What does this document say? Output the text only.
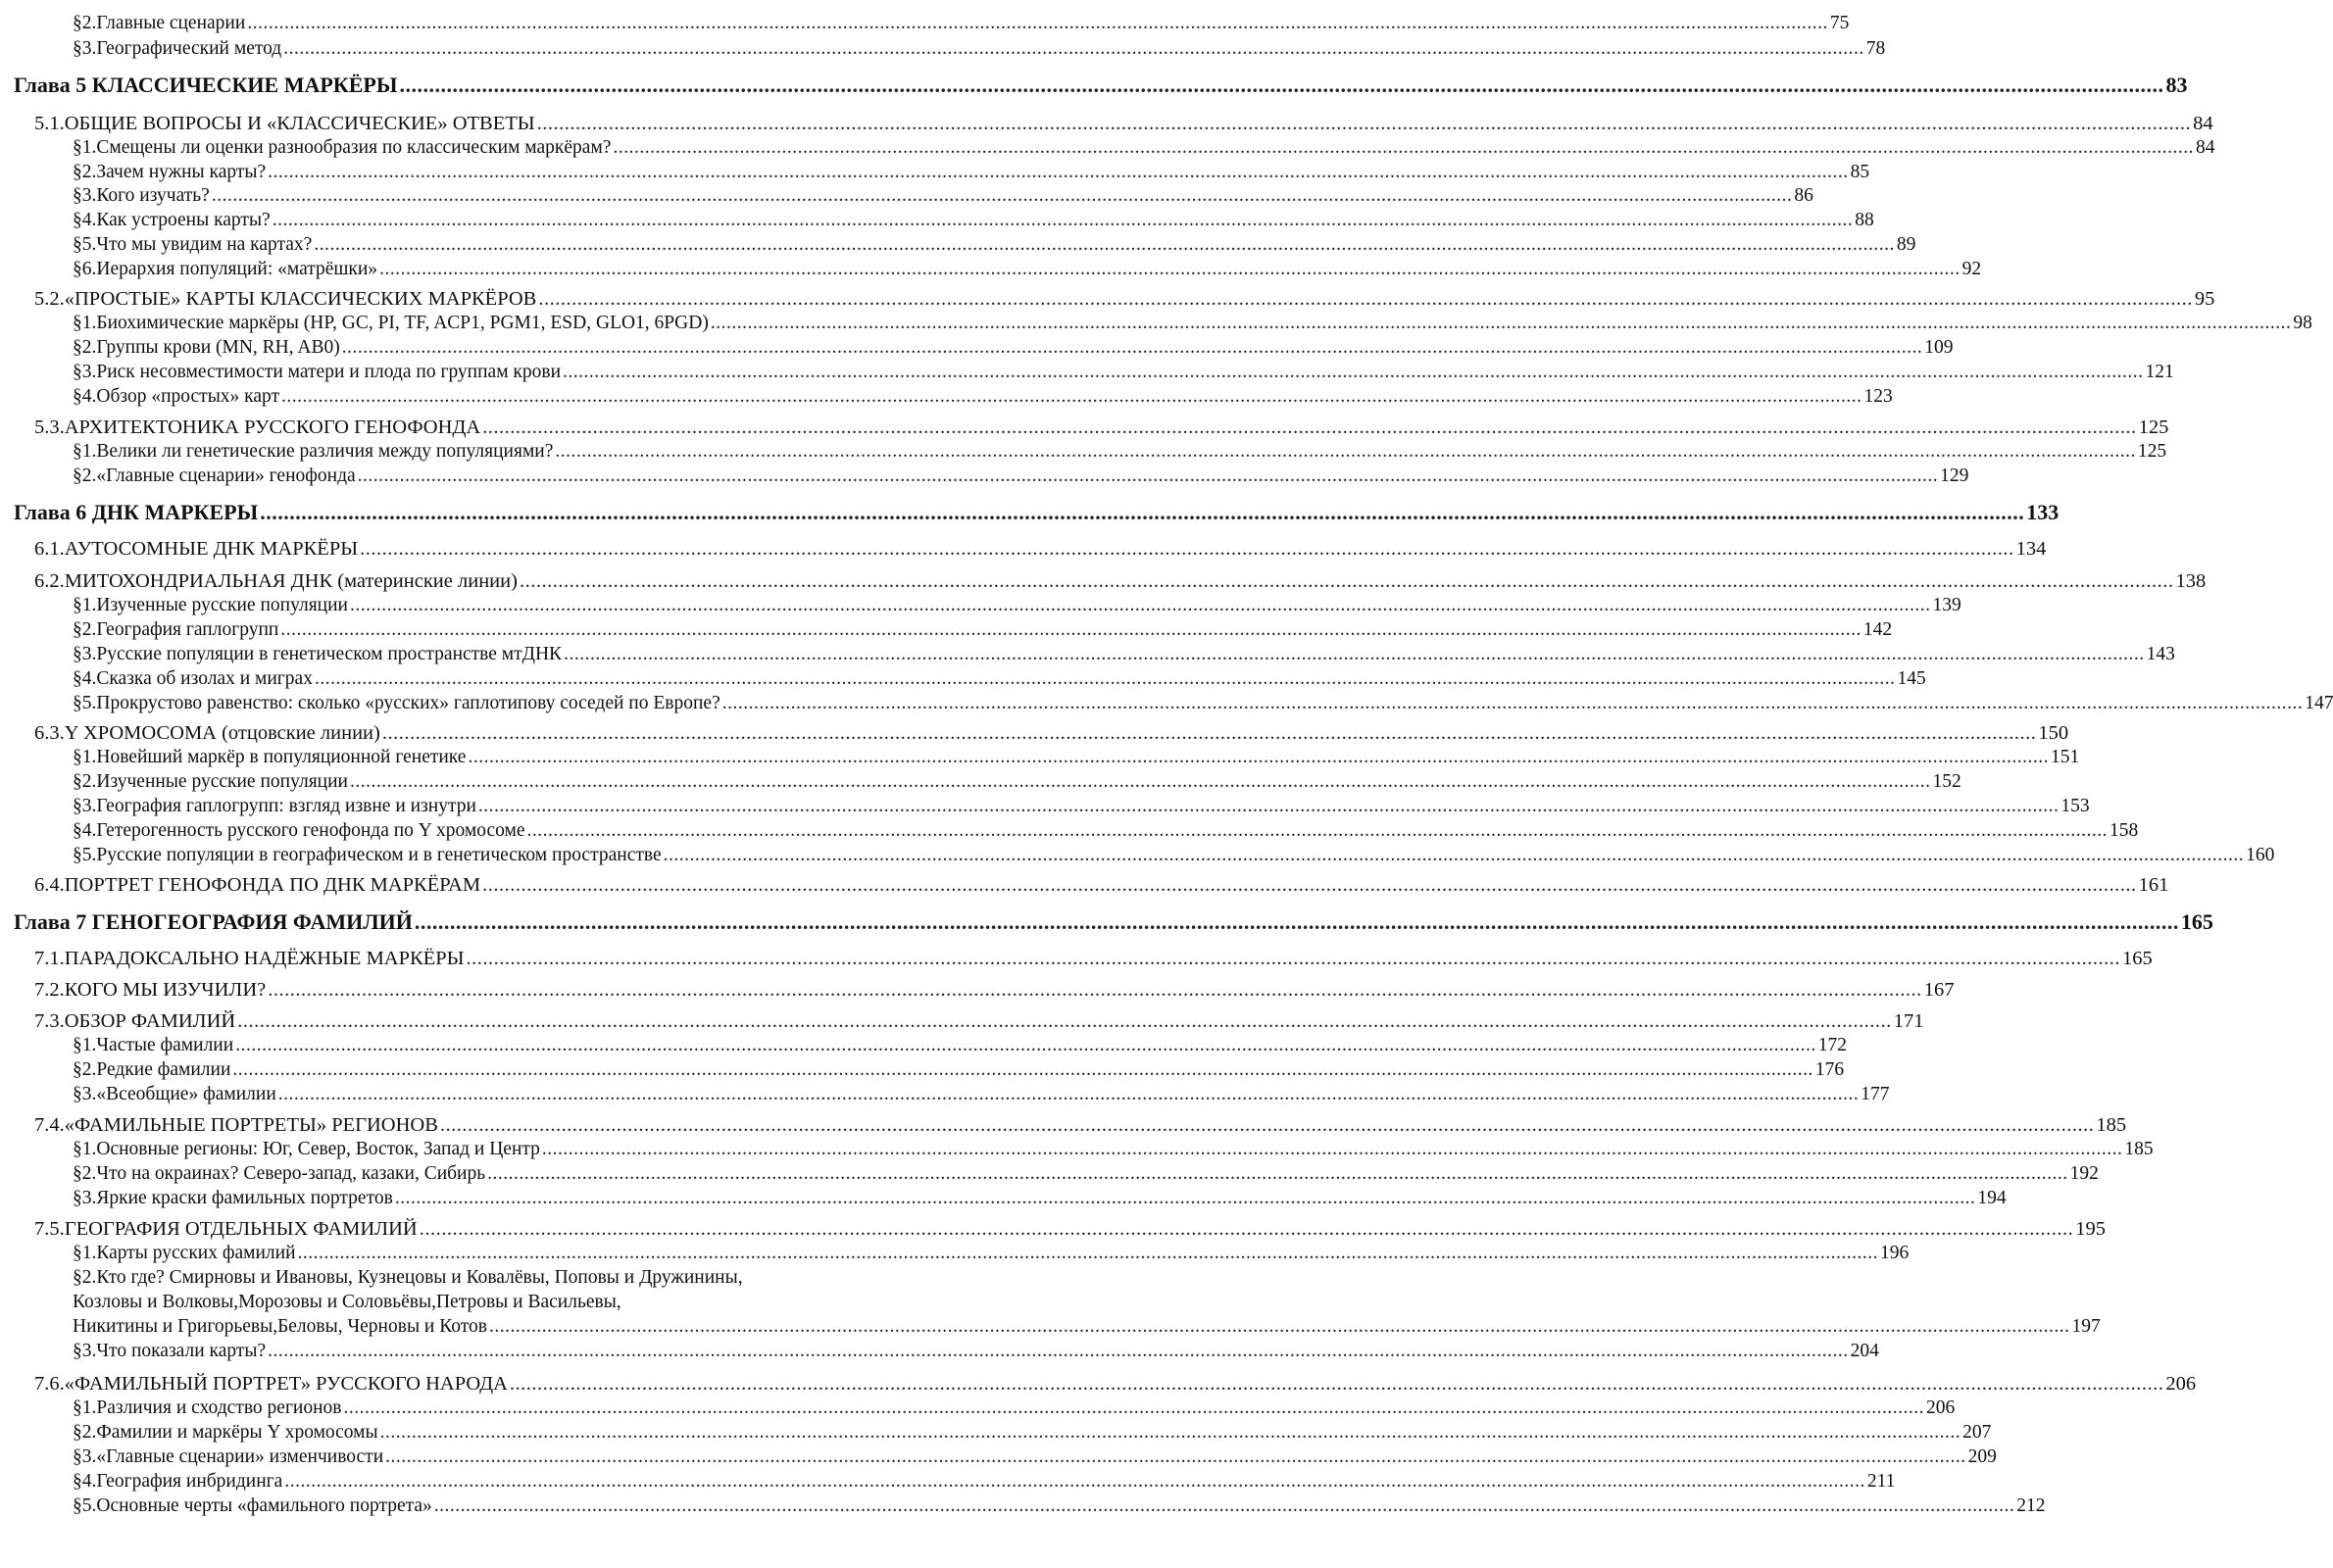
§2.Главные сценарии ............................................................................................................................................................................................................................................................................................................ 75
§3.Географический метод ............................................................................................................................................................................................................................................................................................................ 78
Глава 5 КЛАССИЧЕСКИЕ МАРКЁРЫ ............................................................................................................................................................................................................................................................................................................ 83
5.1.ОБЩИЕ ВОПРОСЫ И «КЛАССИЧЕСКИЕ» ОТВЕТЫ ............................................................................................................................................................................................................................................................................................................ 84
§1.Смещены ли оценки разнообразия по классическим маркёрам? ............................................................................................................................................................................................................................................................................................................ 84
§2.Зачем нужны карты? ............................................................................................................................................................................................................................................................................................................ 85
§3.Кого изучать? ............................................................................................................................................................................................................................................................................................................ 86
§4.Как устроены карты? ............................................................................................................................................................................................................................................................................................................ 88
§5.Что мы увидим на картах? ............................................................................................................................................................................................................................................................................................................ 89
§6.Иерархия популяций: «матрёшки» ............................................................................................................................................................................................................................................................................................................ 92
5.2.«ПРОСТЫЕ» КАРТЫ КЛАССИЧЕСКИХ МАРКЁРОВ ............................................................................................................................................................................................................................................................................................................ 95
§1.Биохимические маркёры (HP, GC, PI, TF, ACP1, PGM1, ESD, GLO1, 6PGD) ............................................................................................................................................................................................................................................................................................................ 98
§2.Группы крови (MN, RH, AB0) ............................................................................................................................................................................................................................................................................................................ 109
§3.Риск несовместимости матери и плода по группам крови ............................................................................................................................................................................................................................................................................................................ 121
§4.Обзор «простых» карт ............................................................................................................................................................................................................................................................................................................ 123
5.3.АРХИТЕКТОНИКА РУССКОГО ГЕНОФОНДА ............................................................................................................................................................................................................................................................................................................ 125
§1.Велики ли генетические различия между популяциями? ............................................................................................................................................................................................................................................................................................................ 125
§2.«Главные сценарии» генофонда ............................................................................................................................................................................................................................................................................................................ 129
Глава 6 ДНК МАРКЕРЫ ............................................................................................................................................................................................................................................................................................................ 133
6.1.АУТОСОМНЫЕ ДНК МАРКЁРЫ ............................................................................................................................................................................................................................................................................................................ 134
6.2.МИТОХОНДРИАЛЬНАЯ ДНК (материнские линии) ............................................................................................................................................................................................................................................................................................................ 138
§1.Изученные русские популяции ............................................................................................................................................................................................................................................................................................................ 139
§2.География гаплогрупп ............................................................................................................................................................................................................................................................................................................ 142
§3.Русские популяции в генетическом пространстве мтДНК ............................................................................................................................................................................................................................................................................................................ 143
§4.Сказка об изолах и миграх ............................................................................................................................................................................................................................................................................................................ 145
§5.Прокрустово равенство: сколько «русских» гаплотипову соседей по Европе? ............................................................................................................................................................................................................................................................................................................ 147
6.3.Y ХРОМОСОМА (отцовские линии) ............................................................................................................................................................................................................................................................................................................ 150
§1.Новейший маркёр в популяционной генетике ............................................................................................................................................................................................................................................................................................................ 151
§2.Изученные русские популяции ............................................................................................................................................................................................................................................................................................................ 152
§3.География гаплогрупп: взгляд извне и изнутри ............................................................................................................................................................................................................................................................................................................ 153
§4.Гетерогенность русского генофонда по Y хромосоме ............................................................................................................................................................................................................................................................................................................ 158
§5.Русские популяции в географическом и в генетическом пространстве ............................................................................................................................................................................................................................................................................................................ 160
6.4.ПОРТРЕТ ГЕНОФОНДА ПО ДНК МАРКЁРАМ ............................................................................................................................................................................................................................................................................................................ 161
Глава 7 ГЕНОГЕОГРАФИЯ ФАМИЛИЙ ............................................................................................................................................................................................................................................................................................................ 165
7.1.ПАРАДОКСАЛЬНО НАДЁЖНЫЕ МАРКЁРЫ ............................................................................................................................................................................................................................................................................................................ 165
7.2.КОГО МЫ ИЗУЧИЛИ? ............................................................................................................................................................................................................................................................................................................ 167
7.3.ОБЗОР ФАМИЛИЙ ............................................................................................................................................................................................................................................................................................................ 171
§1.Частые фамилии ............................................................................................................................................................................................................................................................................................................ 172
§2.Редкие фамилии ............................................................................................................................................................................................................................................................................................................ 176
§3.«Всеобщие» фамилии ............................................................................................................................................................................................................................................................................................................ 177
7.4.«ФАМИЛЬНЫЕ ПОРТРЕТЫ» РЕГИОНОВ ............................................................................................................................................................................................................................................................................................................ 185
§1.Основные регионы: Юг, Север, Восток, Запад и Центр ............................................................................................................................................................................................................................................................................................................ 185
§2.Что на окраинах? Северо-запад, казаки, Сибирь ............................................................................................................................................................................................................................................................................................................ 192
§3.Яркие краски фамильных портретов ............................................................................................................................................................................................................................................................................................................ 194
7.5.ГЕОГРАФИЯ ОТДЕЛЬНЫХ ФАМИЛИЙ ............................................................................................................................................................................................................................................................................................................ 195
§1.Карты русских фамилий ............................................................................................................................................................................................................................................................................................................ 196
§2.Кто где? Смирновы и Ивановы, Кузнецовы и Ковалёвы, Поповы и Дружинины,
Козловы и Волковы,Морозовы и Соловьёвы,Петровы и Васильевы,
Никитины и Григорьевы,Беловы, Черновы и Котов ............................................................................................................................................................................................................................................................................................................ 197
§3.Что показали карты? ............................................................................................................................................................................................................................................................................................................ 204
7.6.«ФАМИЛЬНЫЙ ПОРТРЕТ» РУССКОГО НАРОДА ............................................................................................................................................................................................................................................................................................................ 206
§1.Различия и сходство регионов ............................................................................................................................................................................................................................................................................................................ 206
§2.Фамилии и маркёры Y хромосомы ............................................................................................................................................................................................................................................................................................................ 207
§3.«Главные сценарии» изменчивости ............................................................................................................................................................................................................................................................................................................ 209
§4.География инбридинга ............................................................................................................................................................................................................................................................................................................ 211
§5.Основные черты «фамильного портрета» ............................................................................................................................................................................................................................................................................................................ 212
